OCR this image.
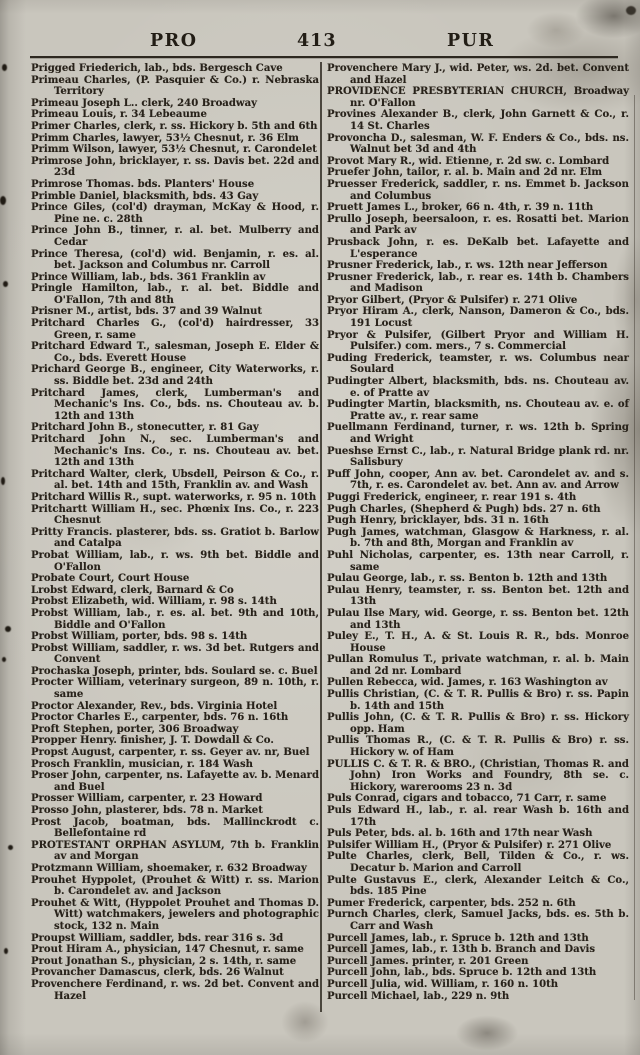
PRO	413	PUR
Prigged Friederich, lab., bds. Bergesch Cave
Primeau Charles, (P. Pasquier & Co.) r. Nebraska Territory
Primeau Joseph L.. clerk, 240 Broadway
Primeau Louis, r. 34 Lebeaume
Primer Charles, clerk, r. ss. Hickory b. 5th and 6th
Primm Charles, lawyer, 53½ Chesnut, r. 36 Elm
Primm Wilson, lawyer, 53½ Chesnut, r. Carondelet
Primrose John, bricklayer, r. ss. Davis bet. 22d and 23d
Primrose Thomas. bds. Planters' House
Primble Daniel, blacksmith, bds. 43 Gay
Prince Giles, (col'd) drayman, McKay & Hood, r. Pine ne. c. 28th
Prince John B., tinner, r. al. bet. Mulberry and Cedar
Prince Theresa, (col'd) wid. Benjamin, r. es. al. bet. Jackson and Columbus nr. Carroll
Prince William, lab., bds. 361 Franklin av
Pringle Hamilton, lab., r. al. bet. Biddle and O'Fallon, 7th and 8th
Prisner M., artist, bds. 37 and 39 Walnut
Pritchard Charles G., (col'd) hairdresser, 33 Green, r. same
Pritchard Edward T., salesman, Joseph E. Elder & Co., bds. Everett House
Prichard George B., engineer, City Waterworks, r. ss. Biddle bet. 23d and 24th
Pritchard James, clerk, Lumberman's and Mechanic's Ins. Co., bds. ns. Chouteau av. b. 12th and 13th
Pritchard John B., stonecutter, r. 81 Gay
Pritchard John N., sec. Lumberman's and Mechanic's Ins. Co., r. ns. Chouteau av. bet. 12th and 13th
Pritchard Walter, clerk, Ubsdell, Peirson & Co., r. al. bet. 14th and 15th, Franklin av. and Wash
Pritchard Willis R., supt. waterworks, r. 95 n. 10th
Pritchartt William H., sec. Phœnix Ins. Co., r. 223 Chesnut
Pritty Francis. plasterer, bds. ss. Gratiot b. Barlow and Catalpa
Probat William, lab., r. ws. 9th bet. Biddle and O'Fallon
Probate Court, Court House
Lrobst Edward, clerk, Barnard & Co
Probst Elizabeth, wid. William, r. 98 s. 14th
Probst William, lab., r. es. al. bet. 9th and 10th, Biddle and O'Fallon
Probst William, porter, bds. 98 s. 14th
Probst William, saddler, r. ws. 3d bet. Rutgers and Convent
Prochaska Joseph, printer, bds. Soulard se. c. Buel
Procter William, veterinary surgeon, 89 n. 10th, r. same
Proctor Alexander, Rev., bds. Virginia Hotel
Proctor Charles E., carpenter, bds. 76 n. 16th
Proft Stephen, porter, 306 Broadway
Propper Henry. finisher, J. T. Dowdall & Co.
Propst August, carpenter, r. ss. Geyer av. nr, Buel
Prosch Franklin, musician, r. 184 Wash
Proser John, carpenter, ns. Lafayette av. b. Menard and Buel
Prosser William, carpenter, r. 23 Howard
Prosso John, plasterer, bds. 78 n. Market
Prost Jacob, boatman, bds. Mallinckrodt c. Bellefontaine rd
PROTESTANT ORPHAN ASYLUM, 7th b. Franklin av and Morgan
Protzmann William, shoemaker, r. 632 Broadway
Prouhet Hyppolet, (Prouhet & Witt) r. ss. Marion b. Carondelet av. and Jackson
Prouhet & Witt, (Hyppolet Prouhet and Thomas D. Witt) watchmakers, jewelers and photographic stock, 132 n. Main
Proupst William, saddler, bds. rear 316 s. 3d
Prout Hiram A., physician, 147 Chesnut, r. same
Prout Jonathan S., physician, 2 s. 14th, r. same
Provancher Damascus, clerk, bds. 26 Walnut
Provenchere Ferdinand, r. ws. 2d bet. Convent and Hazel
Provenchere Mary J., wid. Peter, ws. 2d. bet. Convent and Hazel
PROVIDENCE PRESBYTERIAN CHURCH, Broadway nr. O'Fallon
Provines Alexander B., clerk, John Garnett & Co., r. 14 St. Charles
Provoncha D., salesman, W. F. Enders & Co., bds. ns. Walnut bet 3d and 4th
Provot Mary R., wid. Etienne, r. 2d sw. c. Lombard
Pruefer John, tailor, r. al. b. Main and 2d nr. Elm
Pruesser Frederick, saddler, r. ns. Emmet b. Jackson and Columbus
Pruett James L., broker, 66 n. 4th, r. 39 n. 11th
Prullo Joseph, beersaloon, r. es. Rosatti bet. Marion and Park av
Prusback John, r. es. DeKalb bet. Lafayette and L'esperance
Prusner Frederick, lab., r. ws. 12th near Jefferson
Prusner Frederick, lab., r. rear es. 14th b. Chambers and Madison
Pryor Gilbert, (Pryor & Pulsifer) r. 271 Olive
Pryor Hiram A., clerk, Nanson, Dameron & Co., bds. 191 Locust
Pryor & Pulsifer, (Gilbert Pryor and William H. Pulsifer.) com. mers., 7 s. Commercial
Puding Frederick, teamster, r. ws. Columbus near Soulard
Pudingter Albert, blacksmith, bds. ns. Chouteau av. e. of Pratte av
Pudingter Martin, blacksmith, ns. Chouteau av. e. of Pratte av., r. rear same
Puellmann Ferdinand, turner, r. ws. 12th b. Spring and Wright
Pueshse Ernst C., lab., r. Natural Bridge plank rd. nr. Salisbury
Puff John, cooper, Ann av. bet. Carondelet av. and s. 7th, r. es. Carondelet av. bet. Ann av. and Arrow
Puggi Frederick, engineer, r. rear 191 s. 4th
Pugh Charles, (Shepherd & Pugh) bds. 27 n. 6th
Pugh Henry, bricklayer, bds. 31 n. 16th
Pugh James, watchman, Glasgow & Harkness, r. al. b. 7th and 8th, Morgan and Franklin av
Puhl Nicholas, carpenter, es. 13th near Carroll, r. same
Pulau George, lab., r. ss. Benton b. 12th and 13th
Pulau Henry, teamster, r. ss. Benton bet. 12th and 13th
Pulau Ilse Mary, wid. George, r. ss. Benton bet. 12th and 13th
Puley E., T. H., A. & St. Louis R. R., bds. Monroe House
Pullan Romulus T., private watchman, r. al. b. Main and 2d nr. Lombard
Pullen Rebecca, wid. James, r. 163 Washington av
Pullis Christian, (C. & T. R. Pullis & Bro) r. ss. Papin b. 14th and 15th
Pullis John, (C. & T. R. Pullis & Bro) r. ss. Hickory opp. Ham
Pullis Thomas R., (C. & T. R. Pullis & Bro) r. ss. Hickory w. of Ham
PULLIS C. & T. R. & BRO., (Christian, Thomas R. and John) Iron Works and Foundry, 8th se. c. Hickory, warerooms 23 n. 3d
Puls Conrad, cigars and tobacco, 71 Carr, r. same
Puls Edward H., lab., r. al. rear Wash b. 16th and 17th
Puls Peter, bds. al. b. 16th and 17th near Wash
Pulsifer William H., (Pryor & Pulsifer) r. 271 Olive
Pulte Charles, clerk, Bell, Tilden & Co., r. ws. Decatur b. Marion and Carroll
Pulte Gustavus E., clerk, Alexander Leitch & Co., bds. 185 Pine
Pumer Frederick, carpenter, bds. 252 n. 6th
Purnch Charles, clerk, Samuel Jacks, bds. es. 5th b. Carr and Wash
Purcell James, lab., r. Spruce b. 12th and 13th
Purcell James, lab., r. 13th b. Branch and Davis
Purcell James. printer, r. 201 Green
Purcell John, lab., bds. Spruce b. 12th and 13th
Purcell Julia, wid. William, r. 160 n. 10th
Purcell Michael, lab., 229 n. 9th
